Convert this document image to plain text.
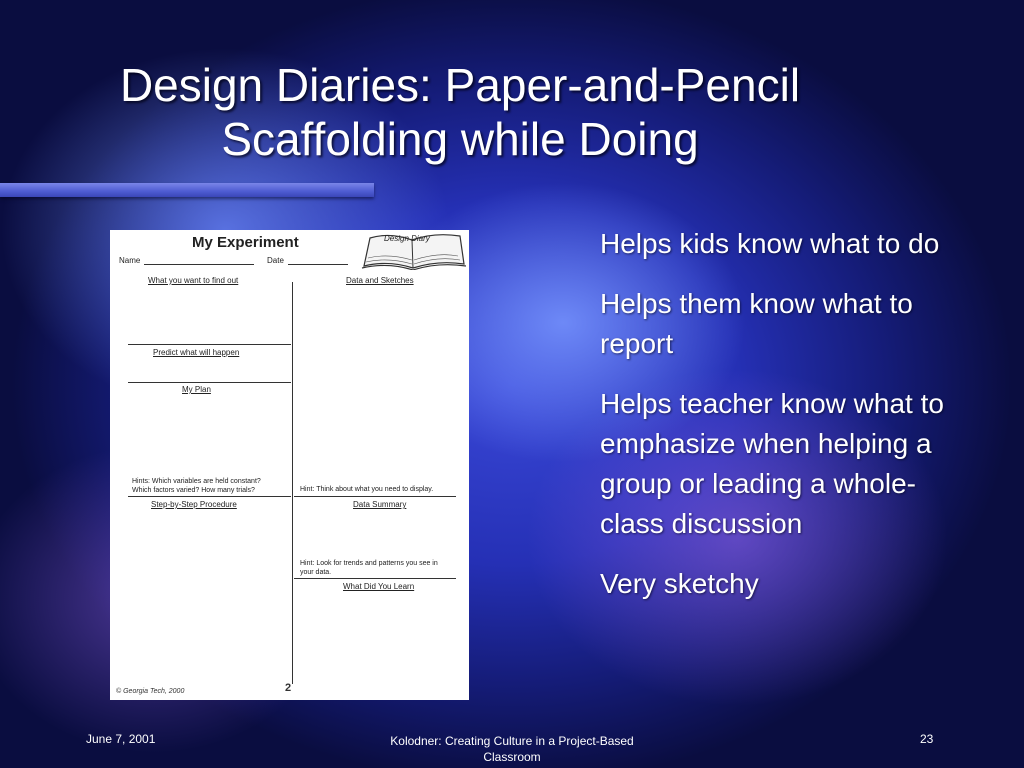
Design Diaries: Paper-and-Pencil
Scaffolding while Doing
My Experiment	Design Diary
Name	Date
What you want to find out	Data and Sketches
Predict what will happen
My Plan
Hints: Which variables are held constant?
Which factors varied? How many trials?
Step-by-Step Procedure
Hint: Think about what you need to display.
Data Summary
Hint: Look for trends and patterns you see in
your data.
What Did You Learn
2
© Georgia Tech, 2000
Helps kids know what to do
Helps them know what to report
Helps teacher know what to emphasize when helping a group or leading a whole-class discussion
Very sketchy
June 7, 2001	Kolodner: Creating Culture in a Project-Based Classroom
23
